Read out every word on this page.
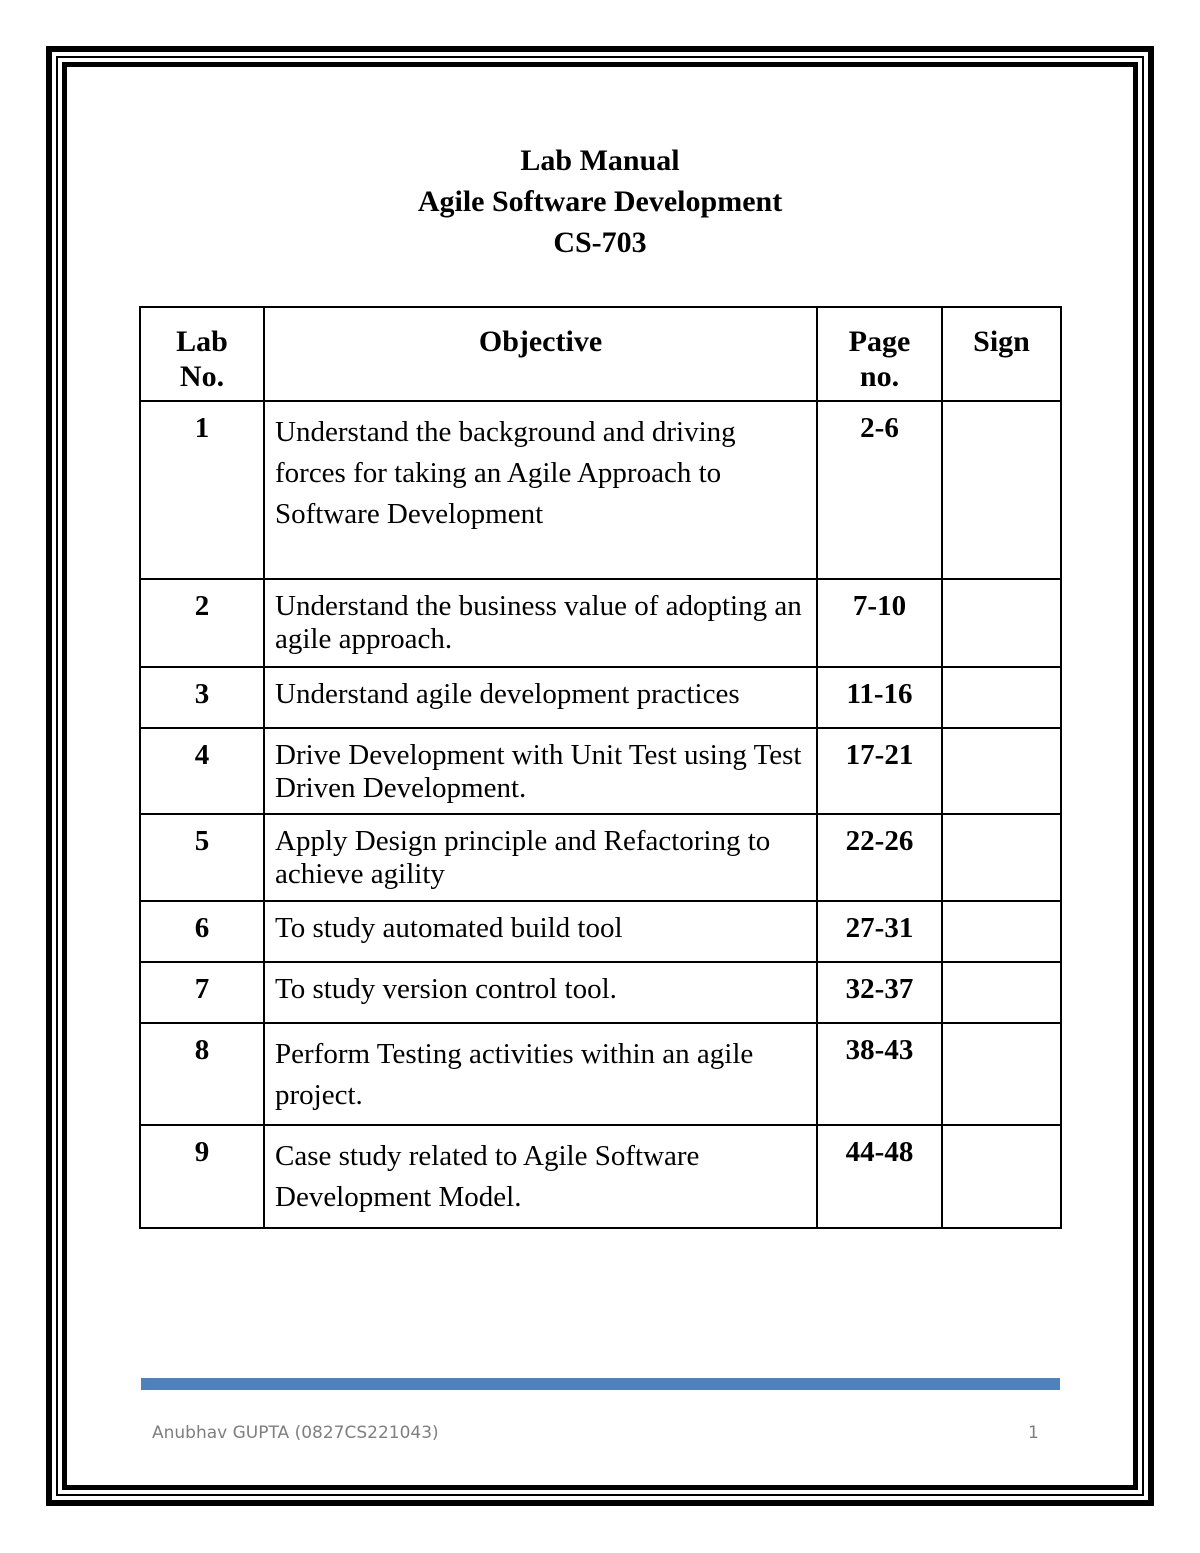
Lab Manual
Agile Software Development
CS-703
Lab No.	Objective	Page no.	Sign

1	Understand the background and driving forces for taking an Agile Approach to Software Development	2-6	

2	Understand the business value of adopting an agile approach.	7-10	

3	Understand agile development practices	11-16	

4	Drive Development with Unit Test using Test Driven Development.	17-21	

5	Apply Design principle and Refactoring to achieve agility	22-26	

6	To study automated build tool	27-31	

7	To study version control tool.	32-37	

8	Perform Testing activities within an agile project.	38-43	

9	Case study related to Agile Software Development Model.	44-48	

Anubhav GUPTA (0827CS221043)	1
